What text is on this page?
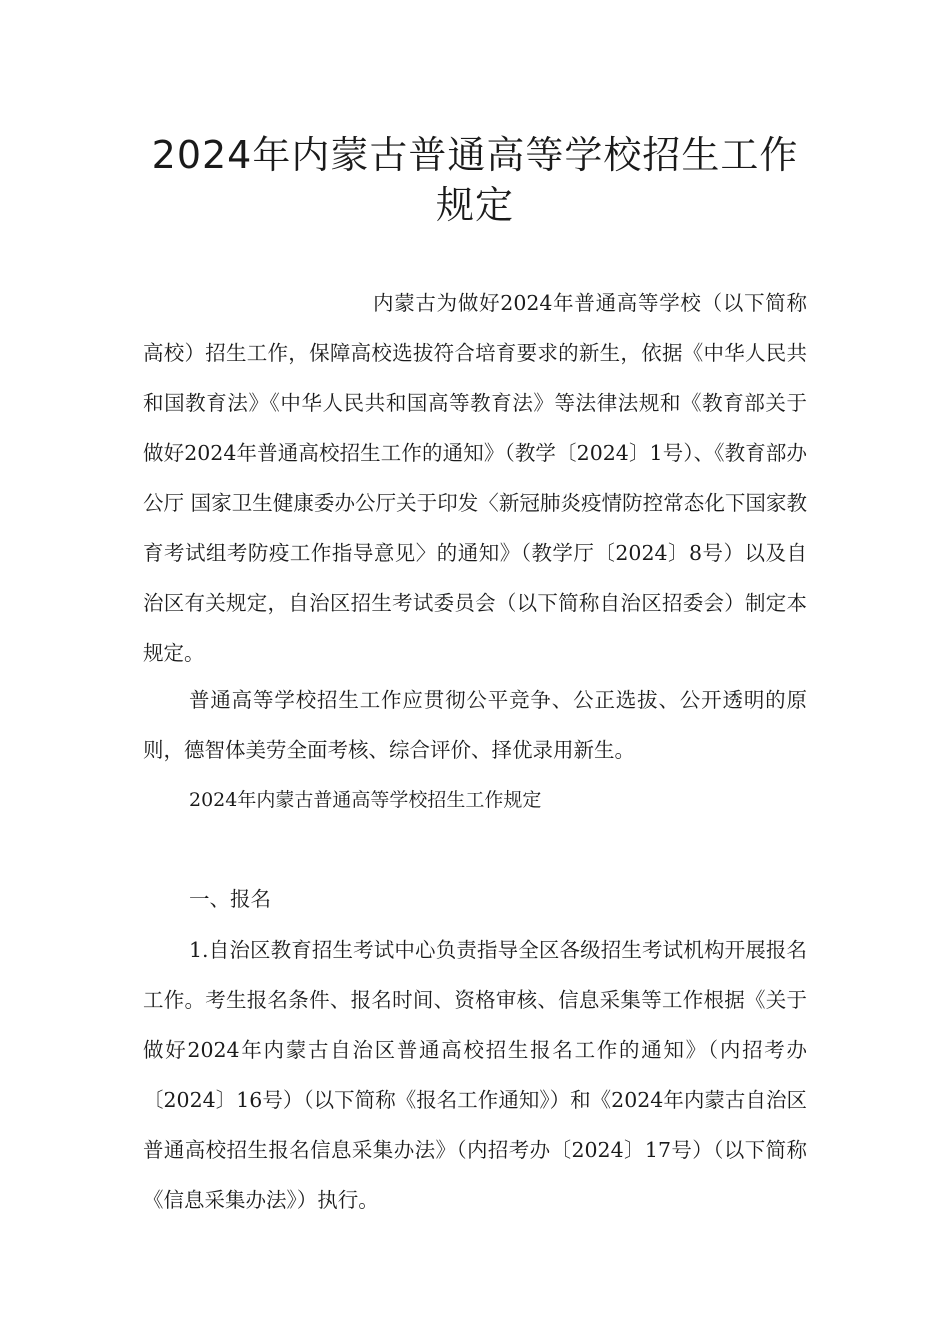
2024年内蒙古普通高等学校招生工作规定

内蒙古为做好2024年普通高等学校（以下简称高校）招生工作，保障高校选拔符合培育要求的新生，依据《中华人民共和国教育法》《中华人民共和国高等教育法》等法律法规和《教育部关于做好2024年普通高校招生工作的通知》（教学〔2024〕1号）、《教育部办公厅 国家卫生健康委办公厅关于印发〈新冠肺炎疫情防控常态化下国家教育考试组考防疫工作指导意见〉的通知》（教学厅〔2024〕8号）以及自治区有关规定，自治区招生考试委员会（以下简称自治区招委会）制定本规定。

普通高等学校招生工作应贯彻公平竞争、公正选拔、公开透明的原则，德智体美劳全面考核、综合评价、择优录用新生。

2024年内蒙古普通高等学校招生工作规定

一、报名

1.自治区教育招生考试中心负责指导全区各级招生考试机构开展报名工作。考生报名条件、报名时间、资格审核、信息采集等工作根据《关于做好2024年内蒙古自治区普通高校招生报名工作的通知》（内招考办〔2024〕16号）（以下简称《报名工作通知》）和《2024年内蒙古自治区普通高校招生报名信息采集办法》（内招考办〔2024〕17号）（以下简称《信息采集办法》）执行。
